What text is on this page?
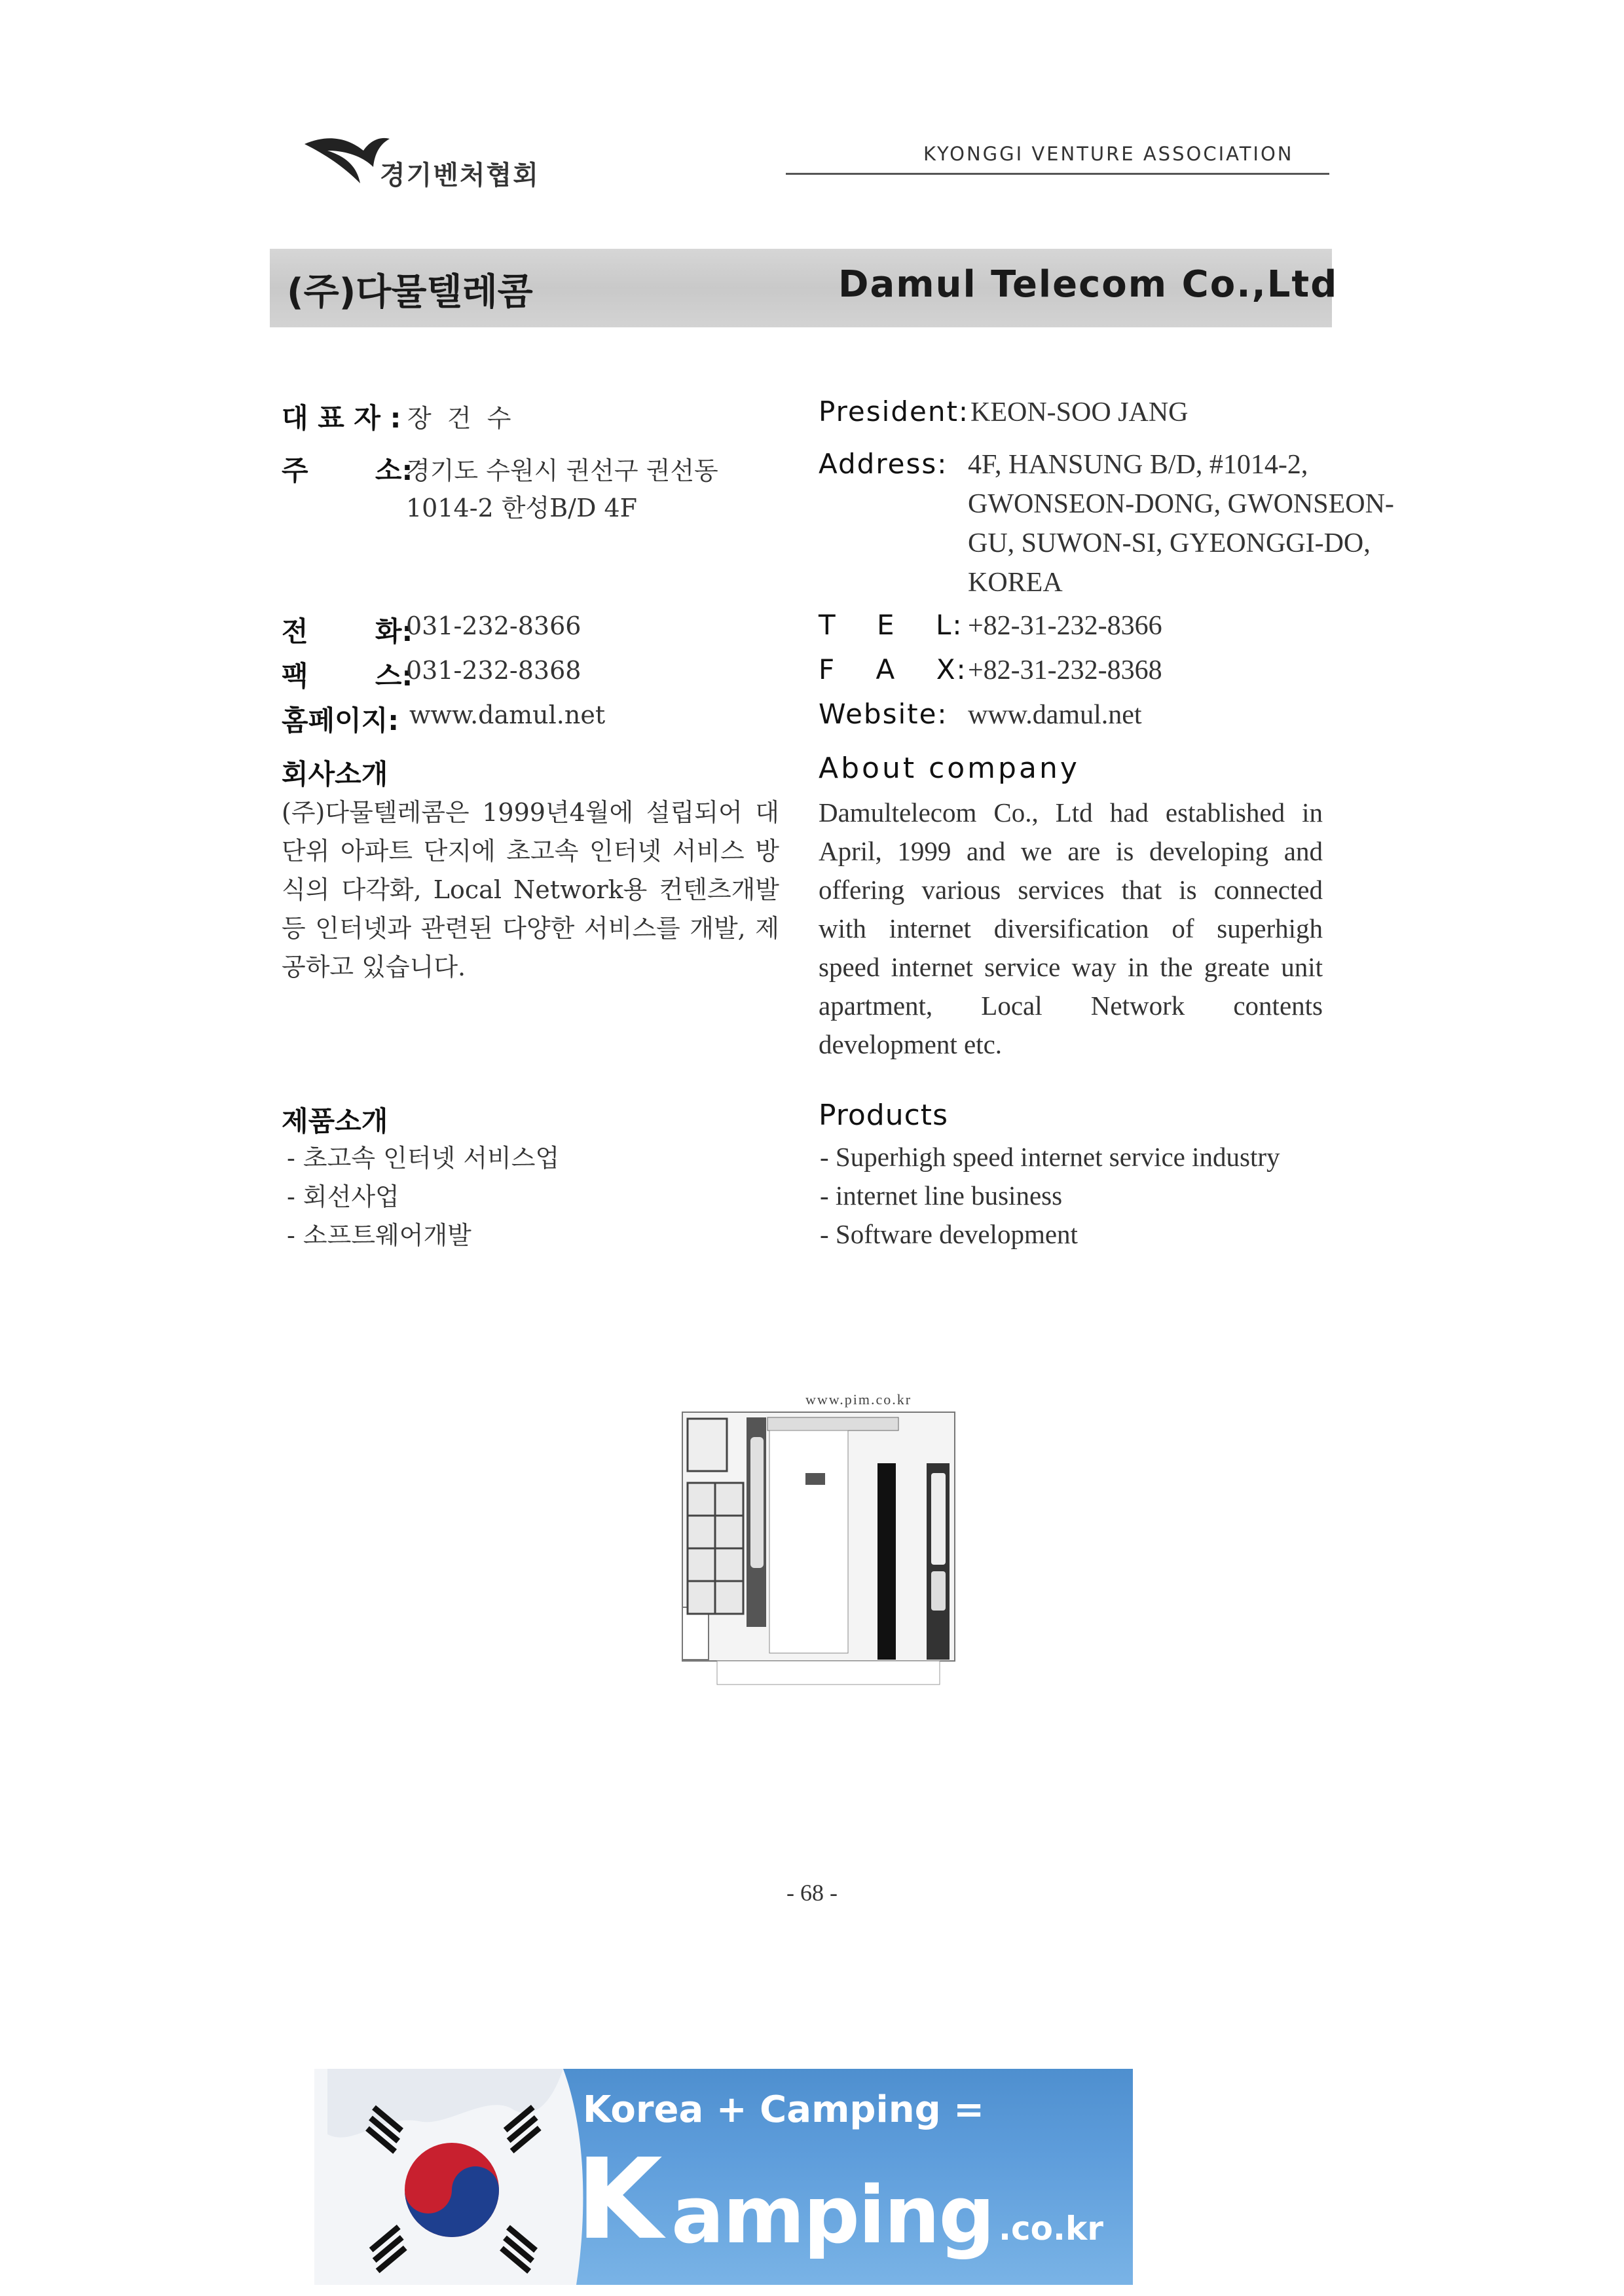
경기벤처협회
KYONGGI VENTURE ASSOCIATION
(주)다물텔레콤	Damul Telecom Co.,Ltd
대 표 자 : 장  건  수
주       소:
경기도 수원시 권선구 권선동
1014-2 한성B/D 4F
전       화:
031-232-8366
팩       스:
031-232-8368
홈페이지: www.damul.net
President: KEON-SOO JANG
Address: 4F, HANSUNG B/D, #1014-2,
GWONSEON-DONG, GWONSEON-
GU, SUWON-SI, GYEONGGI-DO,
KOREA
T    E    L: +82-31-232-8366
F    A    X: +82-31-232-8368
Website: www.damul.net
회사소개
(주)다물텔레콤은 1999년4월에 설립되어 대단위 아파트 단지에 초고속 인터넷 서비스 방식의 다각화, Local Network용 컨텐츠개발 등 인터넷과 관련된 다양한 서비스를 개발, 제공하고 있습니다.
About company
Damultelecom Co., Ltd had established in April, 1999 and we are is developing and offering various services that is connected with internet diversification of superhigh speed internet service way in the greate unit apartment, Local Network contents development etc.
제품소개
- 초고속 인터넷 서비스업
- 회선사업
- 소프트웨어개발
Products
- Superhigh speed internet service industry
- internet line business
- Software development
www.pim.co.kr
- 68 -
Korea + Camping =
K amping .co.kr
